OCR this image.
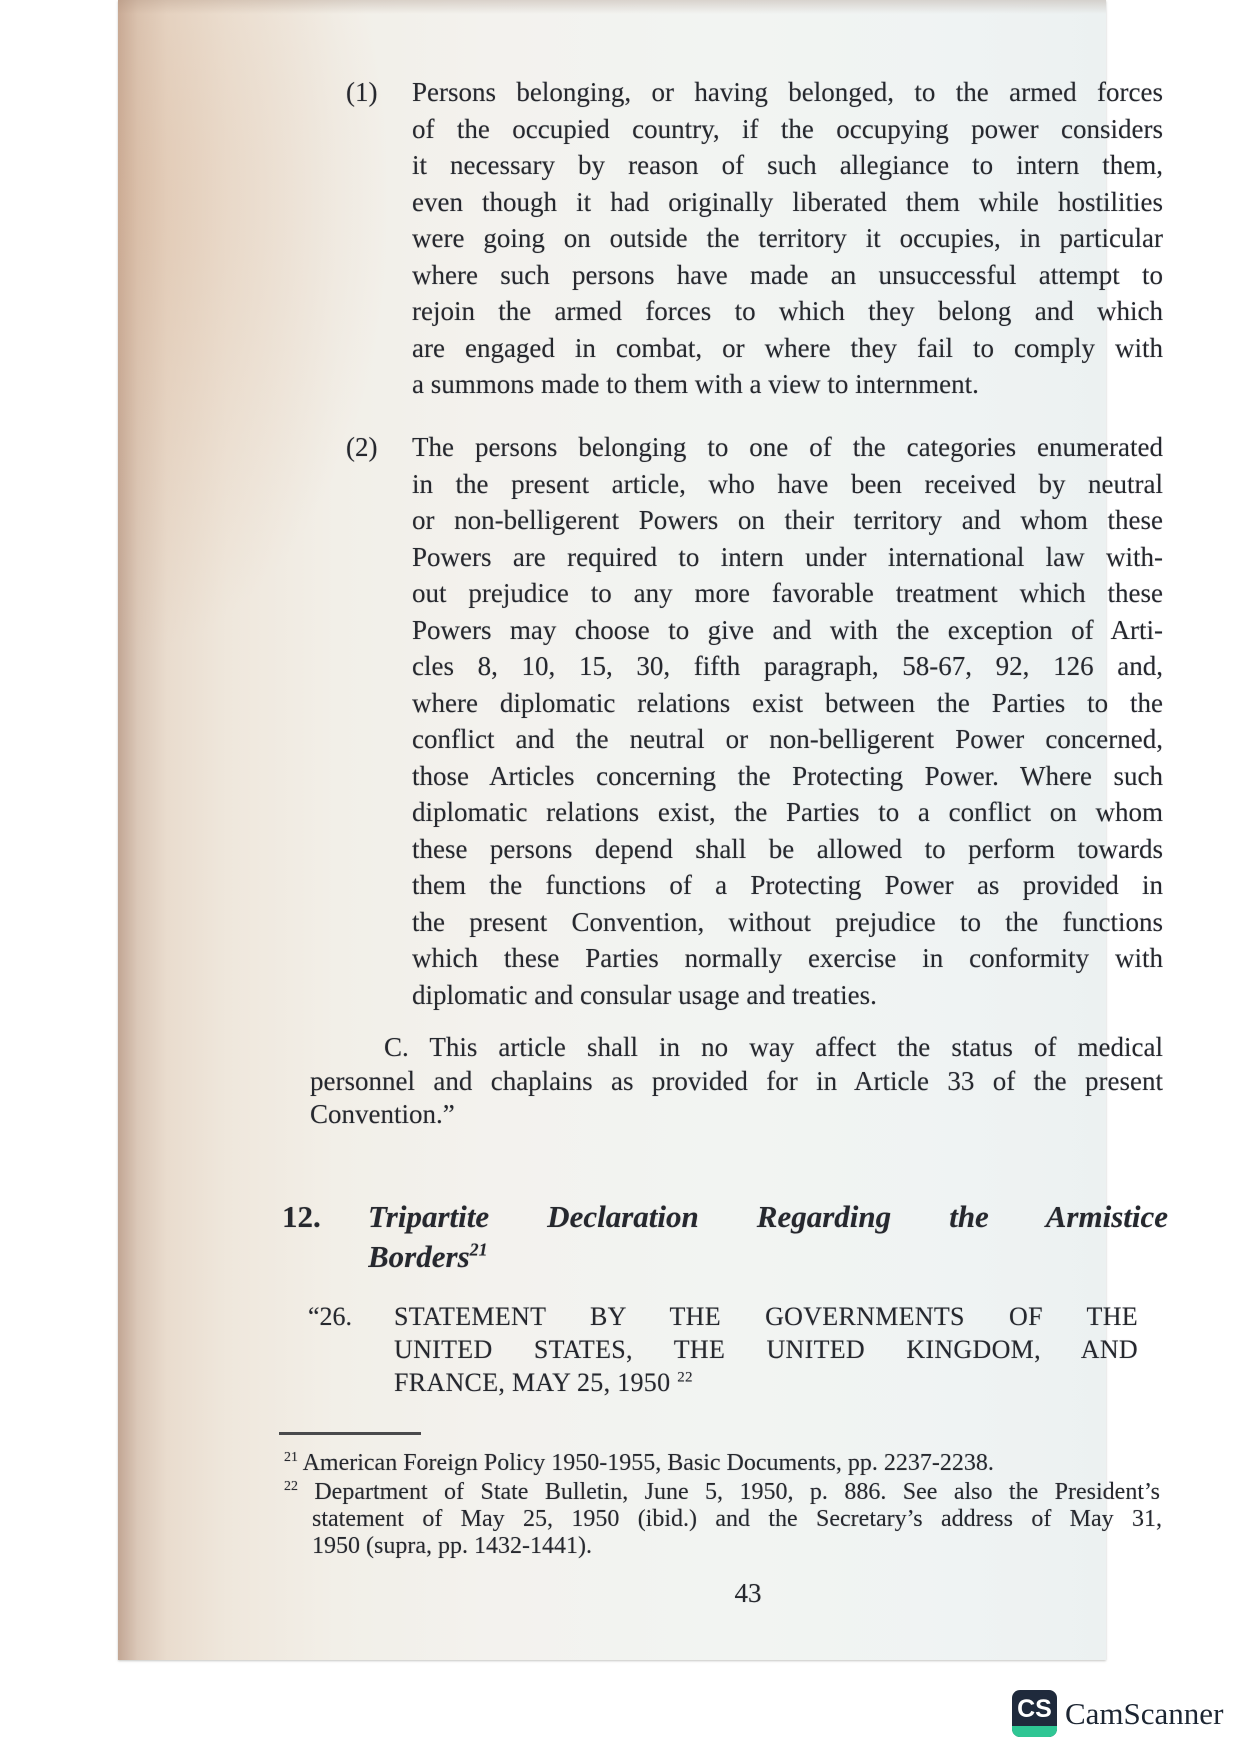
(1) Persons belonging, or having belonged, to the armed forces
of the occupied country, if the occupying power considers
it necessary by reason of such allegiance to intern them,
even though it had originally liberated them while hostilities
were going on outside the territory it occupies, in particular
where such persons have made an unsuccessful attempt to
rejoin the armed forces to which they belong and which
are engaged in combat, or where they fail to comply with
a summons made to them with a view to internment.
(2) The persons belonging to one of the categories enumerated
in the present article, who have been received by neutral
or non-belligerent Powers on their territory and whom these
Powers are required to intern under international law with-
out prejudice to any more favorable treatment which these
Powers may choose to give and with the exception of Arti-
cles 8, 10, 15, 30, fifth paragraph, 58-67, 92, 126 and,
where diplomatic relations exist between the Parties to the
conflict and the neutral or non-belligerent Power concerned,
those Articles concerning the Protecting Power. Where such
diplomatic relations exist, the Parties to a conflict on whom
these persons depend shall be allowed to perform towards
them the functions of a Protecting Power as provided in
the present Convention, without prejudice to the functions
which these Parties normally exercise in conformity with
diplomatic and consular usage and treaties.
C. This article shall in no way affect the status of medical
personnel and chaplains as provided for in Article 33 of the present
Convention.”
12. Tripartite Declaration Regarding the Armistice
Borders$^{21}$
“26. STATEMENT BY THE GOVERNMENTS OF THE
UNITED STATES, THE UNITED KINGDOM, AND
FRANCE, MAY 25, 1950 $^{22}$
$^{21}$ American Foreign Policy 1950-1955, Basic Documents, pp. 2237-2238.
$^{22}$ Department of State Bulletin, June 5, 1950, p. 886. See also the President’s
statement of May 25, 1950 (ibid.) and the Secretary’s address of May 31,
1950 (supra, pp. 1432-1441).
43
CS CamScanner
